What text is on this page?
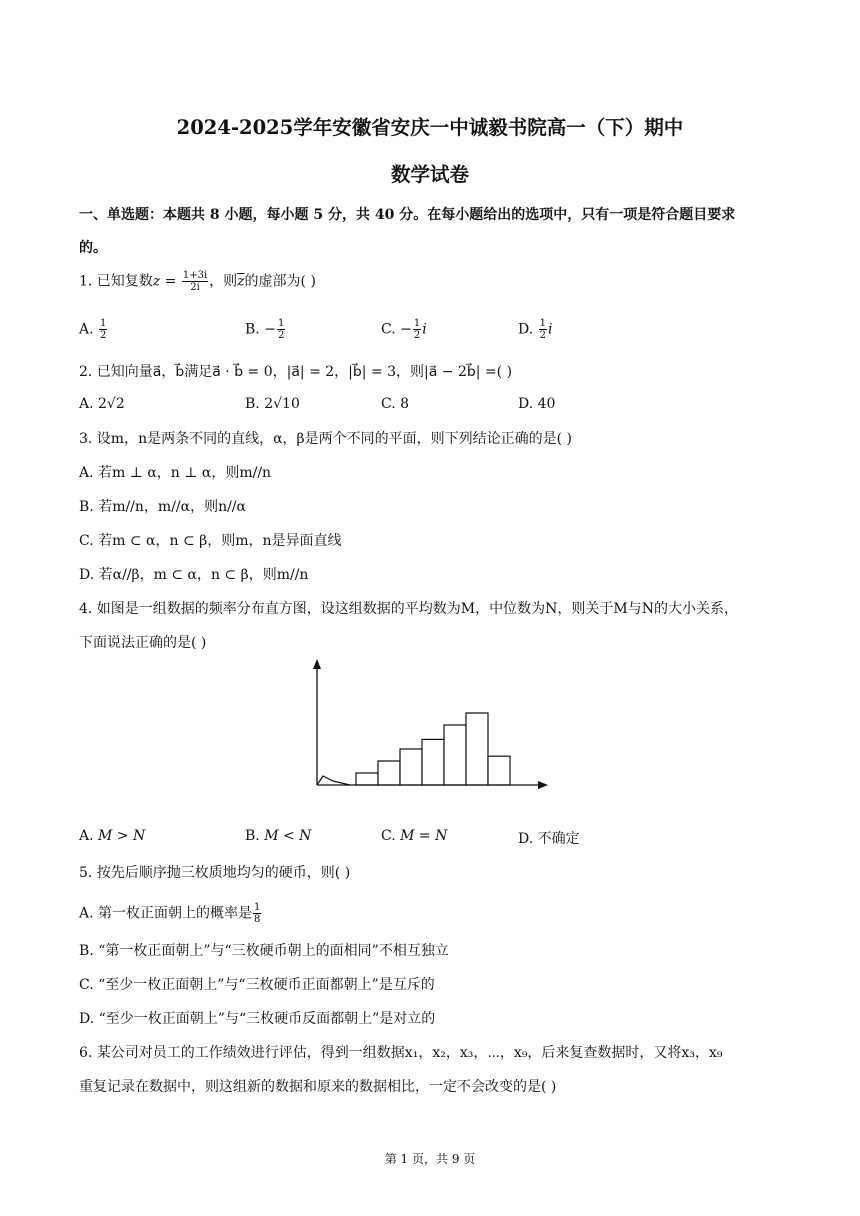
2024-2025学年安徽省安庆一中诚毅书院高一（下）期中
数学试卷
一、单选题：本题共 8 小题，每小题 5 分，共 40 分。在每小题给出的选项中，只有一项是符合题目要求
的。
1. 已知复数$z = \frac{1+3i}{2i}$ ，则$\overline{z}$的虚部为( )
A. $\frac{1}{2}$	B. − $\frac{1}{2}$	C. − $\frac{1}{2}$ i	D. $\frac{1}{2}$ i
2. 已知向量a⃗，b⃗满足a⃗ · b⃗ = 0，|a⃗| = 2，|b⃗| = 3，则|a⃗ − 2b⃗| =( )
A. 2√2	B. 2√10	C. 8	D. 40
3. 设m，n是两条不同的直线，α，β是两个不同的平面，则下列结论正确的是( )
A. 若m ⊥ α，n ⊥ α，则m//n
B. 若m//n，m//α，则n//α
C. 若m ⊂ α，n ⊂ β，则m，n是异面直线
D. 若α//β，m ⊂ α，n ⊂ β，则m//n
4. 如图是一组数据的频率分布直方图，设这组数据的平均数为M，中位数为N，则关于M与N的大小关系，
下面说法正确的是( )
A. M > N	B. M < N	C. M = N	D. 不确定
5. 按先后顺序抛三枚质地均匀的硬币，则( )
A. 第一枚正面朝上的概率是 $\frac{1}{8}$
B. “第一枚正面朝上”与“三枚硬币朝上的面相同”不相互独立
C. “至少一枚正面朝上”与“三枚硬币正面都朝上”是互斥的
D. “至少一枚正面朝上”与“三枚硬币反面都朝上”是对立的
6. 某公司对员工的工作绩效进行评估，得到一组数据x₁，x₂，x₃，⋯，x₉，后来复查数据时，又将x₃，x₉
重复记录在数据中，则这组新的数据和原来的数据相比，一定不会改变的是( )
第 1 页，共 9 页
